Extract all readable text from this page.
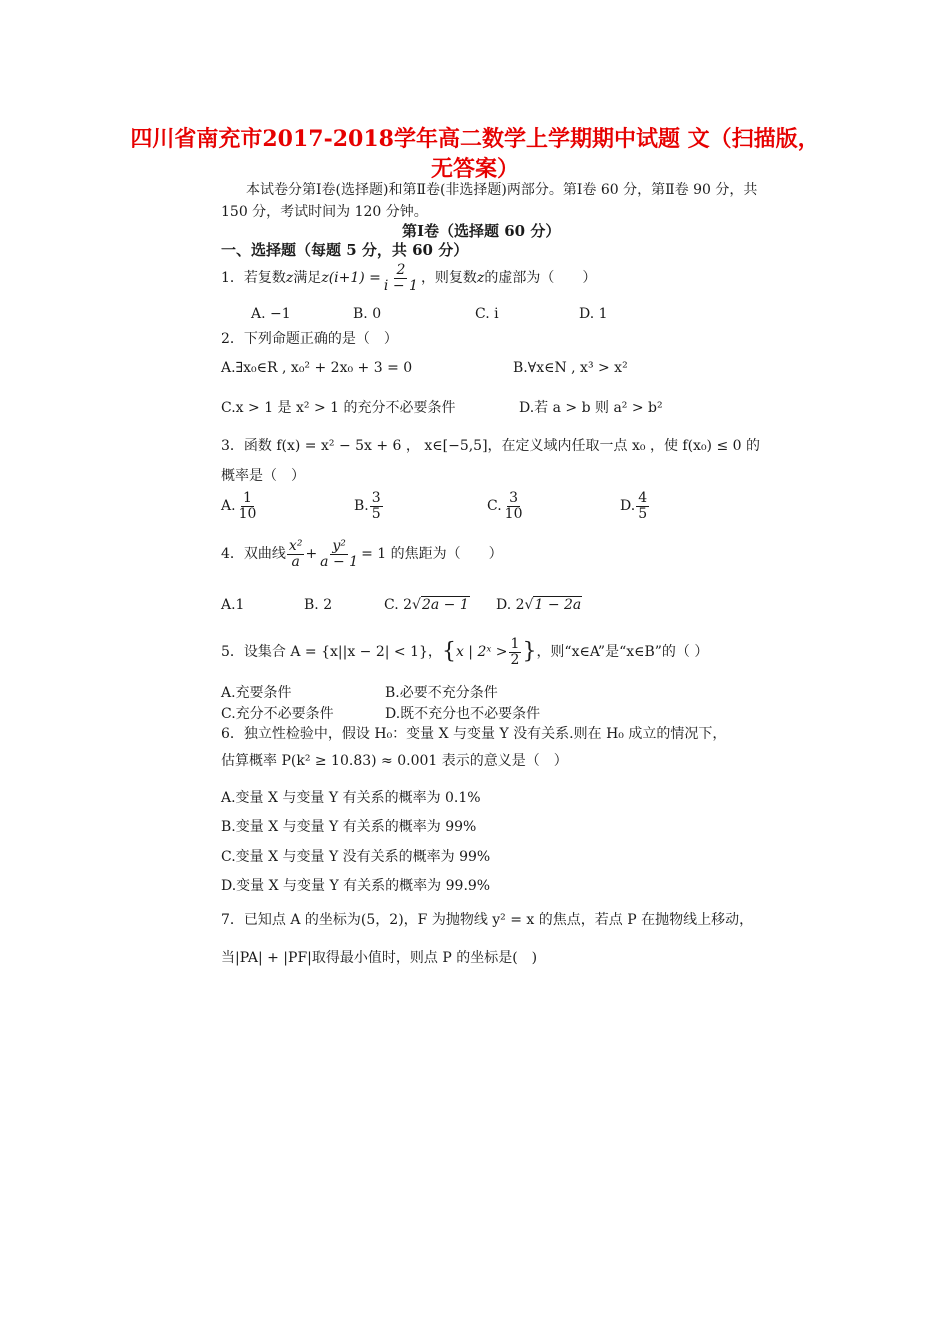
四川省南充市2017-2018学年高二数学上学期期中试题 文（扫描版，
无答案）
本试卷分第Ⅰ卷(选择题)和第Ⅱ卷(非选择题)两部分。第Ⅰ卷 60 分，第Ⅱ卷 90 分，共
150 分，考试时间为 120 分钟。
第Ⅰ卷（选择题 60 分）
一、选择题（每题 5 分，共 60 分）
1．若复数z满足$z(i+1) = \frac{2}{i - 1}$ ，则复数z的虚部为（　　）
A. −1	B. 0	C. i	D. 1
2．下列命题正确的是（　）
A.∃x₀∈R , x₀² + 2x₀ + 3 = 0	B.∀x∈N , x³ > x²
C.x > 1 是 x² > 1 的充分不必要条件	D.若 a > b 则 a² > b²
3．函数 f(x) = x² − 5x + 6 ， x∈[−5,5]，在定义域内任取一点 x₀ ，使 f(x₀) ≤ 0 的
概率是（　）
A. $\frac{1}{10}$	B. $\frac{3}{5}$	C. $\frac{3}{10}$	D. $\frac{4}{5}$
4．双曲线 $\frac{\text{x²}}{a} + \frac{\text{y²}}{a - 1} = 1$ 的焦距为（　　）
A.1	B. 2	C. 2√2a − 1 D. 2√1 − 2a
5．设集合 A = {x||x − 2| < 1}，{x | 2ˣ > $\frac{1}{2}$ }，则“x∈A”是“x∈B”的（ ）
A.充要条件	B.必要不充分条件
C.充分不必要条件	D.既不充分也不必要条件
6．独立性检验中，假设 H₀：变量 X 与变量 Y 没有关系.则在 H₀ 成立的情况下，
估算概率 P(k² ≥ 10.83) ≈ 0.001 表示的意义是（　）
A.变量 X 与变量 Y 有关系的概率为 0.1%
B.变量 X 与变量 Y 有关系的概率为 99%
C.变量 X 与变量 Y 没有关系的概率为 99%
D.变量 X 与变量 Y 有关系的概率为 99.9%
7．已知点 A 的坐标为(5，2)，F 为抛物线 y² = x 的焦点，若点 P 在抛物线上移动，
当|PA| + |PF|取得最小值时，则点 P 的坐标是(　)
